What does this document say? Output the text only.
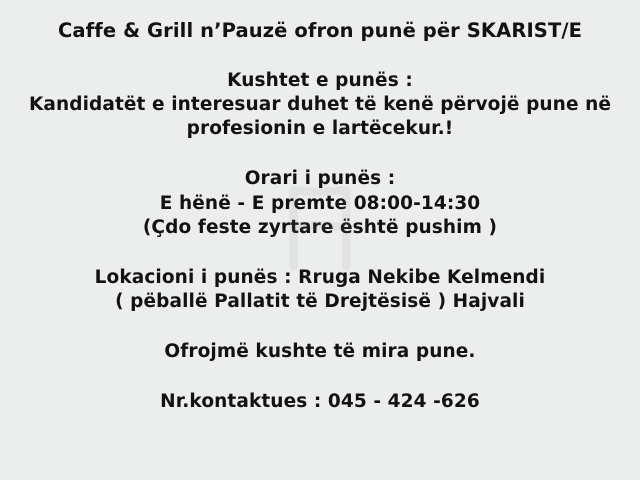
Caffe & Grill n’Pauzë ofron punë për SKARIST/E
Kushtet e punës :
Kandidatët e interesuar duhet të kenë përvojë pune në
profesionin e lartëcekur.!
Orari i punës :
E hënë - E premte 08:00-14:30
(Çdo feste zyrtare është pushim )
Lokacioni i punës : Rruga Nekibe Kelmendi
( pëballë Pallatit të Drejtësisë ) Hajvali
Ofrojmë kushte të mira pune.
Nr.kontaktues : 045 - 424 -626
